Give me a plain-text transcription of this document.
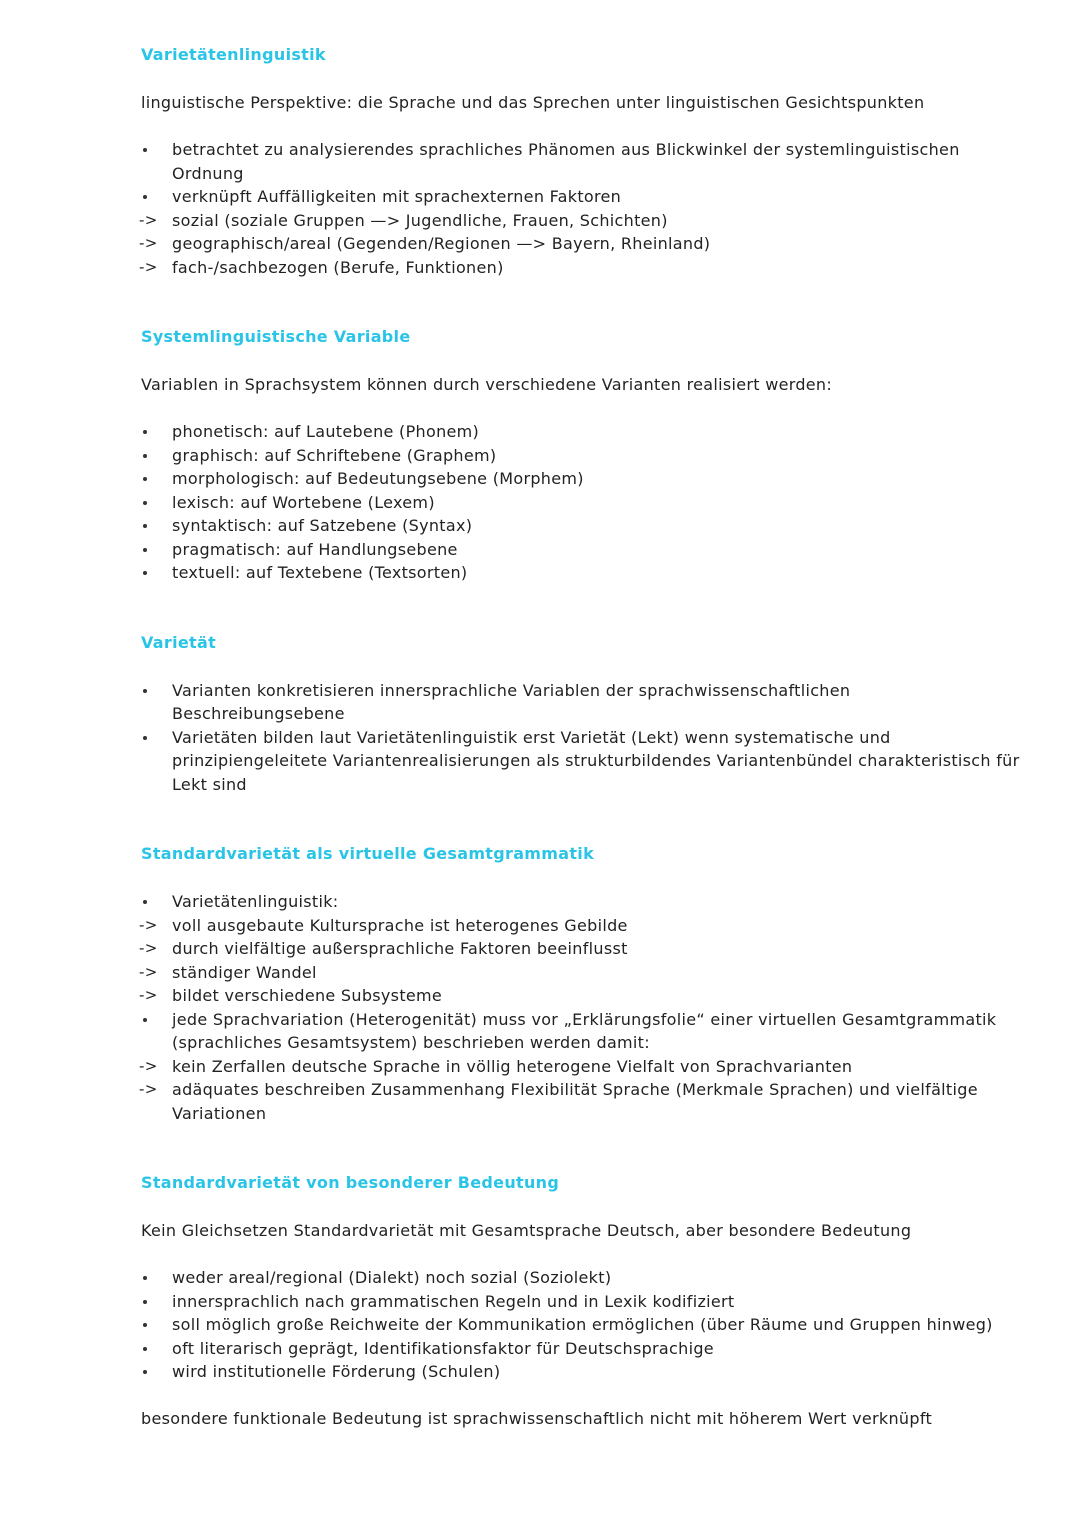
Varietätenlinguistik

linguistische Perspektive: die Sprache und das Sprechen unter linguistischen Gesichtspunkten

betrachtet zu analysierendes sprachliches Phänomen aus Blickwinkel der systemlinguistischen Ordnung
verknüpft Auffälligkeiten mit sprachexternen Faktoren
-> sozial (soziale Gruppen —> Jugendliche, Frauen, Schichten)
-> geographisch/areal (Gegenden/Regionen —> Bayern, Rheinland)
-> fach-/sachbezogen (Berufe, Funktionen)
Systemlinguistische Variable

Variablen in Sprachsystem können durch verschiedene Varianten realisiert werden:

phonetisch: auf Lautebene (Phonem)
graphisch: auf Schriftebene (Graphem)
morphologisch: auf Bedeutungsebene (Morphem)
lexisch: auf Wortebene (Lexem)
syntaktisch: auf Satzebene (Syntax)
pragmatisch: auf Handlungsebene
textuell: auf Textebene (Textsorten)
Varietät
Varianten konkretisieren innersprachliche Variablen der sprachwissenschaftlichen Beschreibungsebene
Varietäten bilden laut Varietätenlinguistik erst Varietät (Lekt) wenn systematische und prinzipiengeleitete Variantenrealisierungen als strukturbildendes Variantenbündel charakteristisch für Lekt sind
Standardvarietät als virtuelle Gesamtgrammatik
Varietätenlinguistik:
-> voll ausgebaute Kultursprache ist heterogenes Gebilde
-> durch vielfältige außersprachliche Faktoren beeinflusst
-> ständiger Wandel
-> bildet verschiedene Subsysteme
jede Sprachvariation (Heterogenität) muss vor „Erklärungsfolie“ einer virtuellen Gesamtgrammatik (sprachliches Gesamtsystem) beschrieben werden damit:
-> kein Zerfallen deutsche Sprache in völlig heterogene Vielfalt von Sprachvarianten
-> adäquates beschreiben Zusammenhang Flexibilität Sprache (Merkmale Sprachen) und vielfältige Variationen
Standardvarietät von besonderer Bedeutung

Kein Gleichsetzen Standardvarietät mit Gesamtsprache Deutsch, aber besondere Bedeutung

weder areal/regional (Dialekt) noch sozial (Soziolekt)
innersprachlich nach grammatischen Regeln und in Lexik kodifiziert
soll möglich große Reichweite der Kommunikation ermöglichen (über Räume und Gruppen hinweg)
oft literarisch geprägt, Identifikationsfaktor für Deutschsprachige
wird institutionelle Förderung (Schulen)

besondere funktionale Bedeutung ist sprachwissenschaftlich nicht mit höherem Wert verknüpft
